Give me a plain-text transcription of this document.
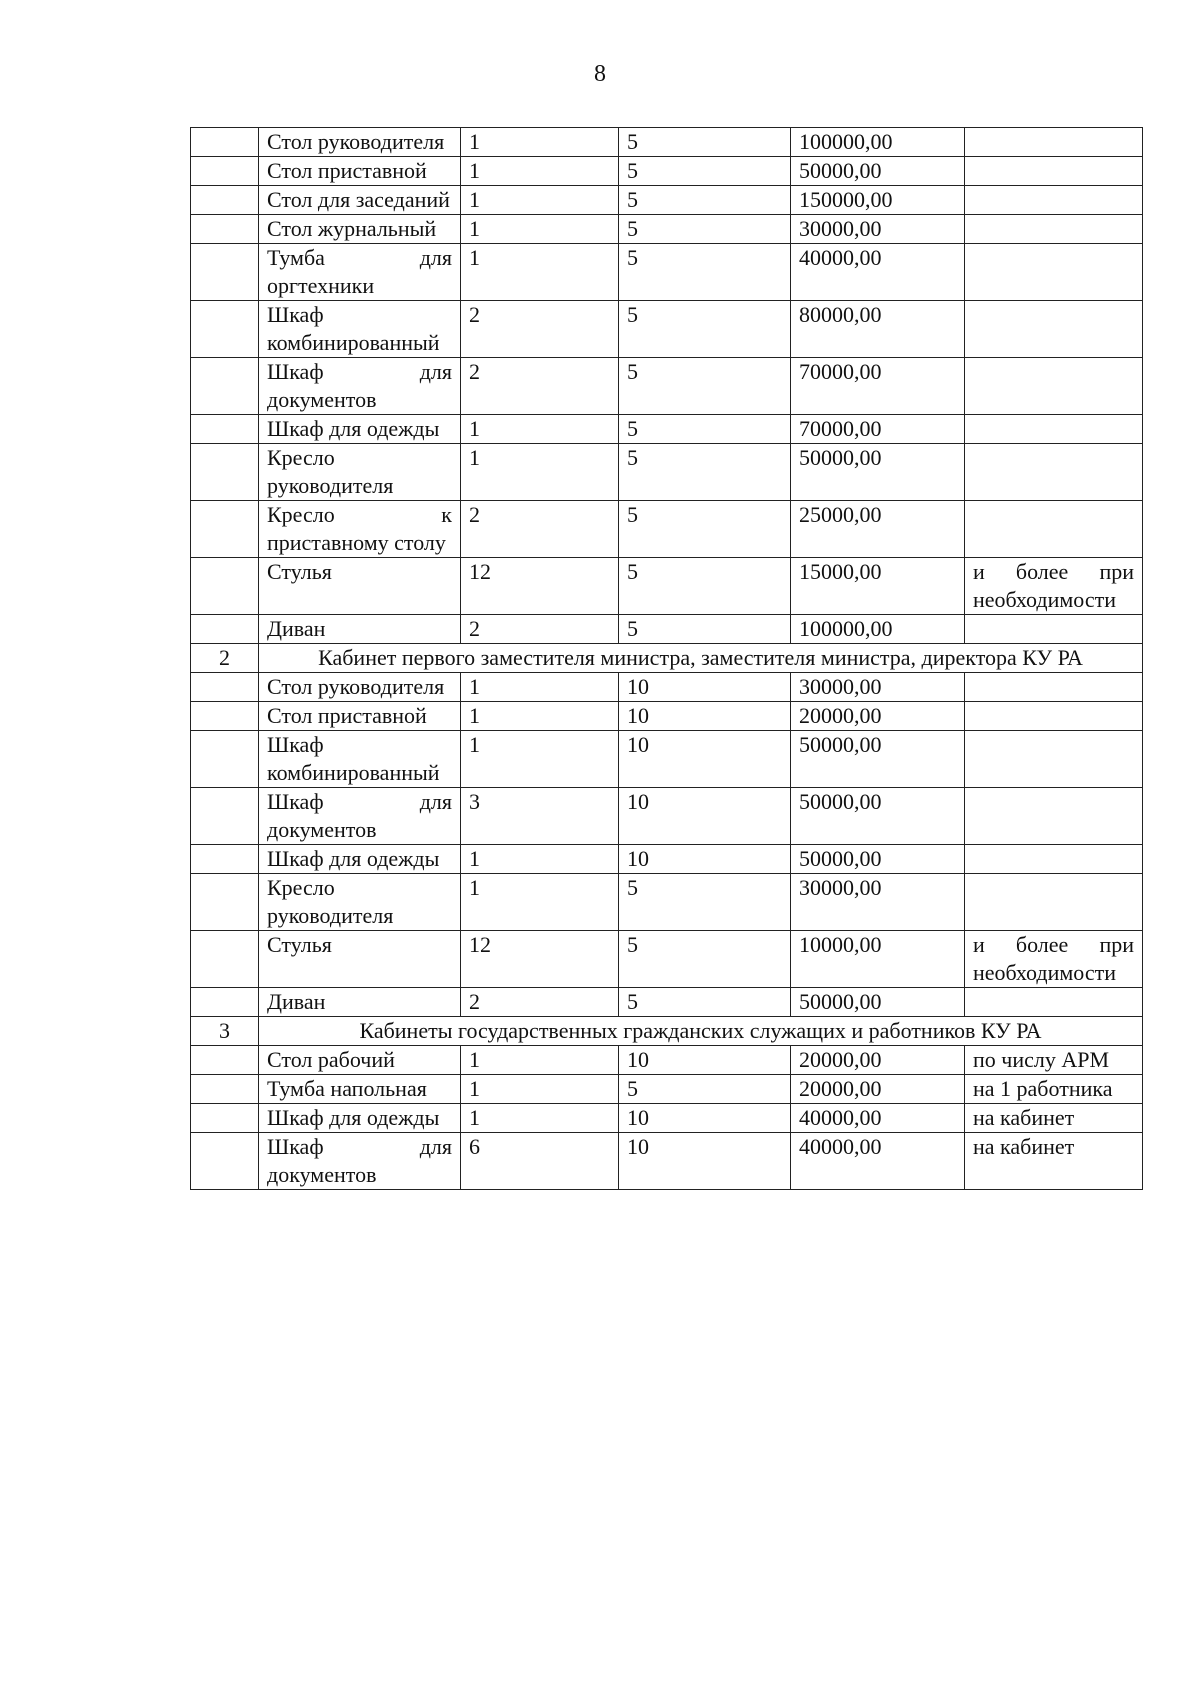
8
	Стол руководителя	1	5	100000,00	
	Стол приставной	1	5	50000,00	
	Стол для заседаний	1	5	150000,00	
	Стол журнальный	1	5	30000,00	
	Тумба для оргтехники	1	5	40000,00	
	Шкаф комбинированный	2	5	80000,00	
	Шкаф для документов	2	5	70000,00	
	Шкаф для одежды	1	5	70000,00	
	Кресло руководителя	1	5	50000,00	
	Кресло к приставному столу	2	5	25000,00	
	Стулья	12	5	15000,00	и более при необходимости
	Диван	2	5	100000,00	
2	Кабинет первого заместителя министра, заместителя министра, директора КУ РА				
	Стол руководителя	1	10	30000,00	
	Стол приставной	1	10	20000,00	
	Шкаф комбинированный	1	10	50000,00	
	Шкаф для документов	3	10	50000,00	
	Шкаф для одежды	1	10	50000,00	
	Кресло руководителя	1	5	30000,00	
	Стулья	12	5	10000,00	и более при необходимости
	Диван	2	5	50000,00	
3	Кабинеты государственных гражданских служащих и работников КУ РА				
	Стол рабочий	1	10	20000,00	по числу АРМ
	Тумба напольная	1	5	20000,00	на 1 работника
	Шкаф для одежды	1	10	40000,00	на кабинет
	Шкаф для документов	6	10	40000,00	на кабинет
